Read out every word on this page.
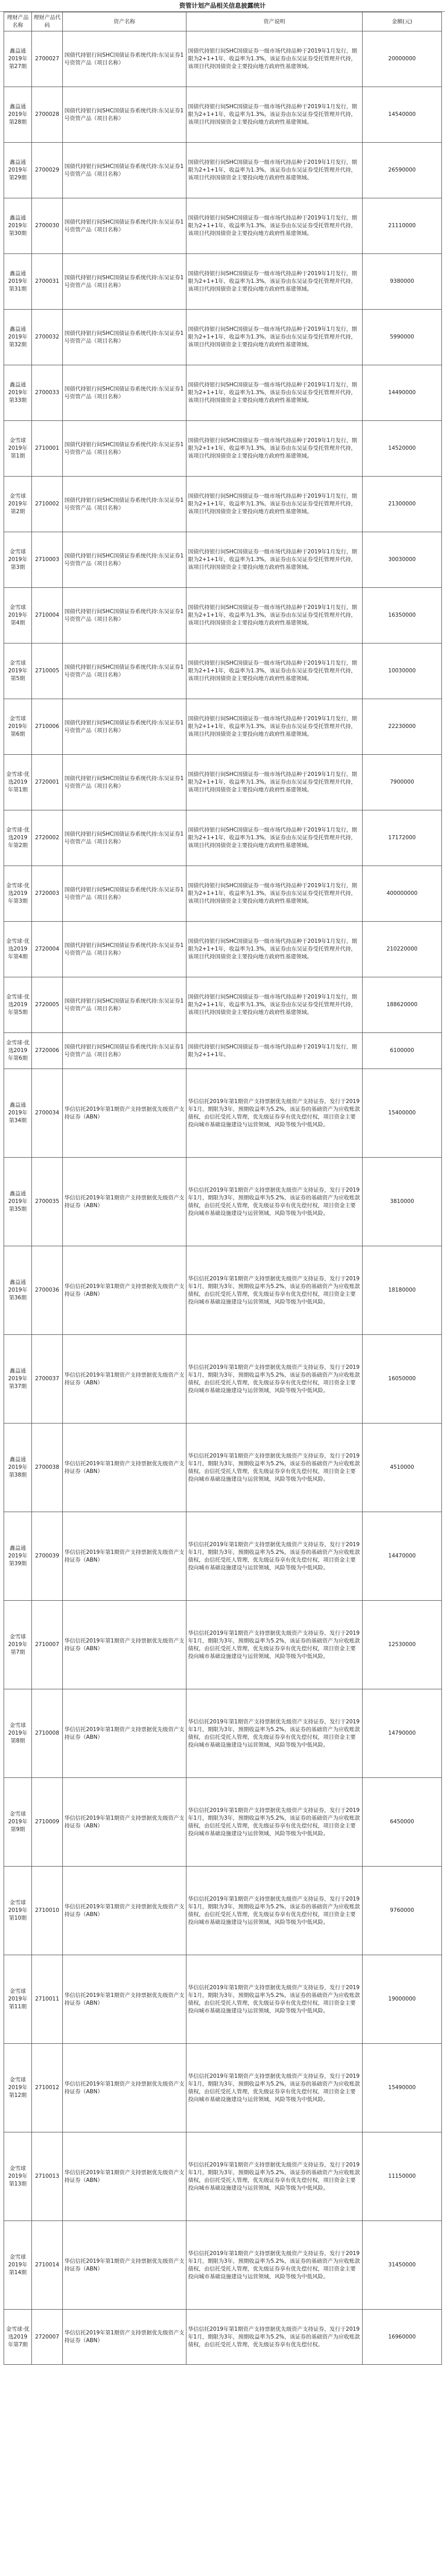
资管计划产品相关信息披露统计
理财产品名称	理财产品代码	资产名称	资产说明	金额(元)
鑫益通2019年第27期	2700027	国债代持银行间SHC国债证券系统代持:东吴证券1号资管产品（项目名称）	国债代持银行间SHC国债证券一级市场代持品种于2019年1月发行，期限为2+1+1年，收益率为1.3%，该证券由东吴证券受托管理并代持，该项目代持国债资金主要投向地方政府性基建领域。	20000000
鑫益通2019年第28期	2700028	国债代持银行间SHC国债证券系统代持:东吴证券1号资管产品（项目名称）	国债代持银行间SHC国债证券一级市场代持品种于2019年1月发行，期限为2+1+1年，收益率为1.3%，该证券由东吴证券受托管理并代持，该项目代持国债资金主要投向地方政府性基建领域。	14540000
鑫益通2019年第29期	2700029	国债代持银行间SHC国债证券系统代持:东吴证券1号资管产品（项目名称）	国债代持银行间SHC国债证券一级市场代持品种于2019年1月发行，期限为2+1+1年，收益率为1.3%，该证券由东吴证券受托管理并代持，该项目代持国债资金主要投向地方政府性基建领域。	26590000
鑫益通2019年第30期	2700030	国债代持银行间SHC国债证券系统代持:东吴证券1号资管产品（项目名称）	国债代持银行间SHC国债证券一级市场代持品种于2019年1月发行，期限为2+1+1年，收益率为1.3%，该证券由东吴证券受托管理并代持，该项目代持国债资金主要投向地方政府性基建领域。	21110000
鑫益通2019年第31期	2700031	国债代持银行间SHC国债证券系统代持:东吴证券1号资管产品（项目名称）	国债代持银行间SHC国债证券一级市场代持品种于2019年1月发行，期限为2+1+1年，收益率为1.3%，该证券由东吴证券受托管理并代持，该项目代持国债资金主要投向地方政府性基建领域。	9380000
鑫益通2019年第32期	2700032	国债代持银行间SHC国债证券系统代持:东吴证券1号资管产品（项目名称）	国债代持银行间SHC国债证券一级市场代持品种于2019年1月发行，期限为2+1+1年，收益率为1.3%，该证券由东吴证券受托管理并代持，该项目代持国债资金主要投向地方政府性基建领域。	5990000
鑫益通2019年第33期	2700033	国债代持银行间SHC国债证券系统代持:东吴证券1号资管产品（项目名称）	国债代持银行间SHC国债证券一级市场代持品种于2019年1月发行，期限为2+1+1年，收益率为1.3%，该证券由东吴证券受托管理并代持，该项目代持国债资金主要投向地方政府性基建领域。	14490000
金雪球2019年第1期	2710001	国债代持银行间SHC国债证券系统代持:东吴证券1号资管产品（项目名称）	国债代持银行间SHC国债证券一级市场代持品种于2019年1月发行，期限为2+1+1年，收益率为1.3%，该证券由东吴证券受托管理并代持，该项目代持国债资金主要投向地方政府性基建领域。	14520000
金雪球2019年第2期	2710002	国债代持银行间SHC国债证券系统代持:东吴证券1号资管产品（项目名称）	国债代持银行间SHC国债证券一级市场代持品种于2019年1月发行，期限为2+1+1年，收益率为1.3%，该证券由东吴证券受托管理并代持，该项目代持国债资金主要投向地方政府性基建领域。	21300000
金雪球2019年第3期	2710003	国债代持银行间SHC国债证券系统代持:东吴证券1号资管产品（项目名称）	国债代持银行间SHC国债证券一级市场代持品种于2019年1月发行，期限为2+1+1年，收益率为1.3%，该证券由东吴证券受托管理并代持，该项目代持国债资金主要投向地方政府性基建领域。	30030000
金雪球2019年第4期	2710004	国债代持银行间SHC国债证券系统代持:东吴证券1号资管产品（项目名称）	国债代持银行间SHC国债证券一级市场代持品种于2019年1月发行，期限为2+1+1年，收益率为1.3%，该证券由东吴证券受托管理并代持，该项目代持国债资金主要投向地方政府性基建领域。	16350000
金雪球2019年第5期	2710005	国债代持银行间SHC国债证券系统代持:东吴证券1号资管产品（项目名称）	国债代持银行间SHC国债证券一级市场代持品种于2019年1月发行，期限为2+1+1年，收益率为1.3%，该证券由东吴证券受托管理并代持，该项目代持国债资金主要投向地方政府性基建领域。	10030000
金雪球2019年第6期	2710006	国债代持银行间SHC国债证券系统代持:东吴证券1号资管产品（项目名称）	国债代持银行间SHC国债证券一级市场代持品种于2019年1月发行，期限为2+1+1年，收益率为1.3%，该证券由东吴证券受托管理并代持，该项目代持国债资金主要投向地方政府性基建领域。	22230000
金雪球·优选2019年第1期	2720001	国债代持银行间SHC国债证券系统代持:东吴证券1号资管产品（项目名称）	国债代持银行间SHC国债证券一级市场代持品种于2019年1月发行，期限为2+1+1年，收益率为1.3%，该证券由东吴证券受托管理并代持，该项目代持国债资金主要投向地方政府性基建领域。	7900000
金雪球·优选2019年第2期	2720002	国债代持银行间SHC国债证券系统代持:东吴证券1号资管产品（项目名称）	国债代持银行间SHC国债证券一级市场代持品种于2019年1月发行，期限为2+1+1年，收益率为1.3%，该证券由东吴证券受托管理并代持，该项目代持国债资金主要投向地方政府性基建领域。	17172000
金雪球·优选2019年第3期	2720003	国债代持银行间SHC国债证券系统代持:东吴证券1号资管产品（项目名称）	国债代持银行间SHC国债证券一级市场代持品种于2019年1月发行，期限为2+1+1年，收益率为1.3%，该证券由东吴证券受托管理并代持，该项目代持国债资金主要投向地方政府性基建领域。	400000000
金雪球·优选2019年第4期	2720004	国债代持银行间SHC国债证券系统代持:东吴证券1号资管产品（项目名称）	国债代持银行间SHC国债证券一级市场代持品种于2019年1月发行，期限为2+1+1年，收益率为1.3%，该证券由东吴证券受托管理并代持，该项目代持国债资金主要投向地方政府性基建领域。	210220000
金雪球·优选2019年第5期	2720005	国债代持银行间SHC国债证券系统代持:东吴证券1号资管产品（项目名称）	国债代持银行间SHC国债证券一级市场代持品种于2019年1月发行，期限为2+1+1年，收益率为1.3%，该证券由东吴证券受托管理并代持，该项目代持国债资金主要投向地方政府性基建领域。	188620000
金雪球·优选2019年第6期	2720006	国债代持银行间SHC国债证券系统代持:东吴证券1号资管产品（项目名称）	国债代持银行间SHC国债证券一级市场代持品种于2019年1月发行，期限为2+1+1年。	6100000
鑫益通2019年第34期	2700034	华信信托2019年第1期资产支持票据优先级资产支持证券（ABN）	华信信托2019年第1期资产支持票据优先级资产支持证券，发行于2019年1月，期限为3年，预期收益率为5.2%，该证券的基础资产为应收账款债权，由信托受托人管理，优先级证券享有优先偿付权，项目资金主要投向城市基础设施建设与运营领域，风险等级为中低风险。	15400000
鑫益通2019年第35期	2700035	华信信托2019年第1期资产支持票据优先级资产支持证券（ABN）	华信信托2019年第1期资产支持票据优先级资产支持证券，发行于2019年1月，期限为3年，预期收益率为5.2%，该证券的基础资产为应收账款债权，由信托受托人管理，优先级证券享有优先偿付权，项目资金主要投向城市基础设施建设与运营领域，风险等级为中低风险。	3810000
鑫益通2019年第36期	2700036	华信信托2019年第1期资产支持票据优先级资产支持证券（ABN）	华信信托2019年第1期资产支持票据优先级资产支持证券，发行于2019年1月，期限为3年，预期收益率为5.2%，该证券的基础资产为应收账款债权，由信托受托人管理，优先级证券享有优先偿付权，项目资金主要投向城市基础设施建设与运营领域，风险等级为中低风险。	18180000
鑫益通2019年第37期	2700037	华信信托2019年第1期资产支持票据优先级资产支持证券（ABN）	华信信托2019年第1期资产支持票据优先级资产支持证券，发行于2019年1月，期限为3年，预期收益率为5.2%，该证券的基础资产为应收账款债权，由信托受托人管理，优先级证券享有优先偿付权，项目资金主要投向城市基础设施建设与运营领域，风险等级为中低风险。	16050000
鑫益通2019年第38期	2700038	华信信托2019年第1期资产支持票据优先级资产支持证券（ABN）	华信信托2019年第1期资产支持票据优先级资产支持证券，发行于2019年1月，期限为3年，预期收益率为5.2%，该证券的基础资产为应收账款债权，由信托受托人管理，优先级证券享有优先偿付权，项目资金主要投向城市基础设施建设与运营领域，风险等级为中低风险。	4510000
鑫益通2019年第39期	2700039	华信信托2019年第1期资产支持票据优先级资产支持证券（ABN）	华信信托2019年第1期资产支持票据优先级资产支持证券，发行于2019年1月，期限为3年，预期收益率为5.2%，该证券的基础资产为应收账款债权，由信托受托人管理，优先级证券享有优先偿付权，项目资金主要投向城市基础设施建设与运营领域，风险等级为中低风险。	14470000
金雪球2019年第7期	2710007	华信信托2019年第1期资产支持票据优先级资产支持证券（ABN）	华信信托2019年第1期资产支持票据优先级资产支持证券，发行于2019年1月，期限为3年，预期收益率为5.2%，该证券的基础资产为应收账款债权，由信托受托人管理，优先级证券享有优先偿付权，项目资金主要投向城市基础设施建设与运营领域，风险等级为中低风险。	12530000
金雪球2019年第8期	2710008	华信信托2019年第1期资产支持票据优先级资产支持证券（ABN）	华信信托2019年第1期资产支持票据优先级资产支持证券，发行于2019年1月，期限为3年，预期收益率为5.2%，该证券的基础资产为应收账款债权，由信托受托人管理，优先级证券享有优先偿付权，项目资金主要投向城市基础设施建设与运营领域，风险等级为中低风险。	14790000
金雪球2019年第9期	2710009	华信信托2019年第1期资产支持票据优先级资产支持证券（ABN）	华信信托2019年第1期资产支持票据优先级资产支持证券，发行于2019年1月，期限为3年，预期收益率为5.2%，该证券的基础资产为应收账款债权，由信托受托人管理，优先级证券享有优先偿付权，项目资金主要投向城市基础设施建设与运营领域，风险等级为中低风险。	6450000
金雪球2019年第10期	2710010	华信信托2019年第1期资产支持票据优先级资产支持证券（ABN）	华信信托2019年第1期资产支持票据优先级资产支持证券，发行于2019年1月，期限为3年，预期收益率为5.2%，该证券的基础资产为应收账款债权，由信托受托人管理，优先级证券享有优先偿付权，项目资金主要投向城市基础设施建设与运营领域，风险等级为中低风险。	9760000
金雪球2019年第11期	2710011	华信信托2019年第1期资产支持票据优先级资产支持证券（ABN）	华信信托2019年第1期资产支持票据优先级资产支持证券，发行于2019年1月，期限为3年，预期收益率为5.2%，该证券的基础资产为应收账款债权，由信托受托人管理，优先级证券享有优先偿付权，项目资金主要投向城市基础设施建设与运营领域，风险等级为中低风险。	19000000
金雪球2019年第12期	2710012	华信信托2019年第1期资产支持票据优先级资产支持证券（ABN）	华信信托2019年第1期资产支持票据优先级资产支持证券，发行于2019年1月，期限为3年，预期收益率为5.2%，该证券的基础资产为应收账款债权，由信托受托人管理，优先级证券享有优先偿付权，项目资金主要投向城市基础设施建设与运营领域，风险等级为中低风险。	15490000
金雪球2019年第13期	2710013	华信信托2019年第1期资产支持票据优先级资产支持证券（ABN）	华信信托2019年第1期资产支持票据优先级资产支持证券，发行于2019年1月，期限为3年，预期收益率为5.2%，该证券的基础资产为应收账款债权，由信托受托人管理，优先级证券享有优先偿付权，项目资金主要投向城市基础设施建设与运营领域，风险等级为中低风险。	11150000
金雪球2019年第14期	2710014	华信信托2019年第1期资产支持票据优先级资产支持证券（ABN）	华信信托2019年第1期资产支持票据优先级资产支持证券，发行于2019年1月，期限为3年，预期收益率为5.2%，该证券的基础资产为应收账款债权，由信托受托人管理，优先级证券享有优先偿付权，项目资金主要投向城市基础设施建设与运营领域，风险等级为中低风险。	31450000
金雪球·优选2019年第7期	2720007	华信信托2019年第1期资产支持票据优先级资产支持证券（ABN）	华信信托2019年第1期资产支持票据优先级资产支持证券，发行于2019年1月，期限为3年，预期收益率为5.2%，该证券的基础资产为应收账款债权，由信托受托人管理，优先级证券享有优先偿付权。	16960000
